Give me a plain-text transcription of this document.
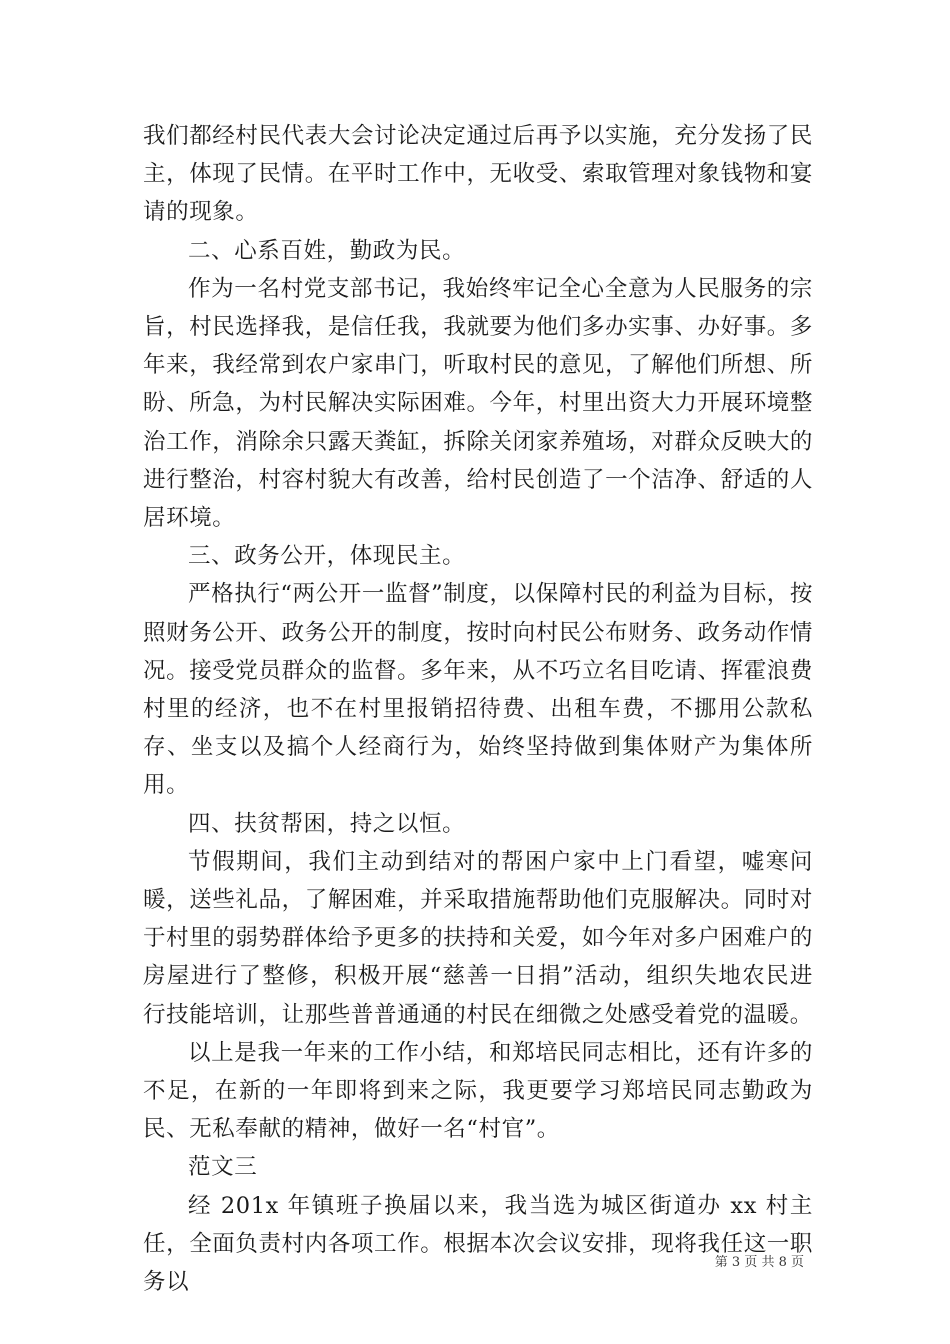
我们都经村民代表大会讨论决定通过后再予以实施，充分发扬了民主，体现了民情。在平时工作中，无收受、索取管理对象钱物和宴请的现象。

二、心系百姓，勤政为民。

作为一名村党支部书记，我始终牢记全心全意为人民服务的宗旨，村民选择我，是信任我，我就要为他们多办实事、办好事。多年来，我经常到农户家串门，听取村民的意见，了解他们所想、所盼、所急，为村民解决实际困难。今年，村里出资大力开展环境整治工作，消除余只露天粪缸，拆除关闭家养殖场，对群众反映大的进行整治，村容村貌大有改善，给村民创造了一个洁净、舒适的人居环境。

三、政务公开，体现民主。

严格执行“两公开一监督”制度，以保障村民的利益为目标，按照财务公开、政务公开的制度，按时向村民公布财务、政务动作情况。接受党员群众的监督。多年来，从不巧立名目吃请、挥霍浪费村里的经济，也不在村里报销招待费、出租车费，不挪用公款私存、坐支以及搞个人经商行为，始终坚持做到集体财产为集体所用。

四、扶贫帮困，持之以恒。

节假期间，我们主动到结对的帮困户家中上门看望，嘘寒问暖，送些礼品，了解困难，并采取措施帮助他们克服解决。同时对于村里的弱势群体给予更多的扶持和关爱，如今年对多户困难户的房屋进行了整修，积极开展“慈善一日捐”活动，组织失地农民进行技能培训，让那些普普通通的村民在细微之处感受着党的温暖。

以上是我一年来的工作小结，和郑培民同志相比，还有许多的不足，在新的一年即将到来之际，我更要学习郑培民同志勤政为民、无私奉献的精神，做好一名“村官”。

范文三

经 201x 年镇班子换届以来，我当选为城区街道办 xx 村主任，全面负责村内各项工作。根据本次会议安排，现将我任这一职务以

第 3 页 共 8 页
